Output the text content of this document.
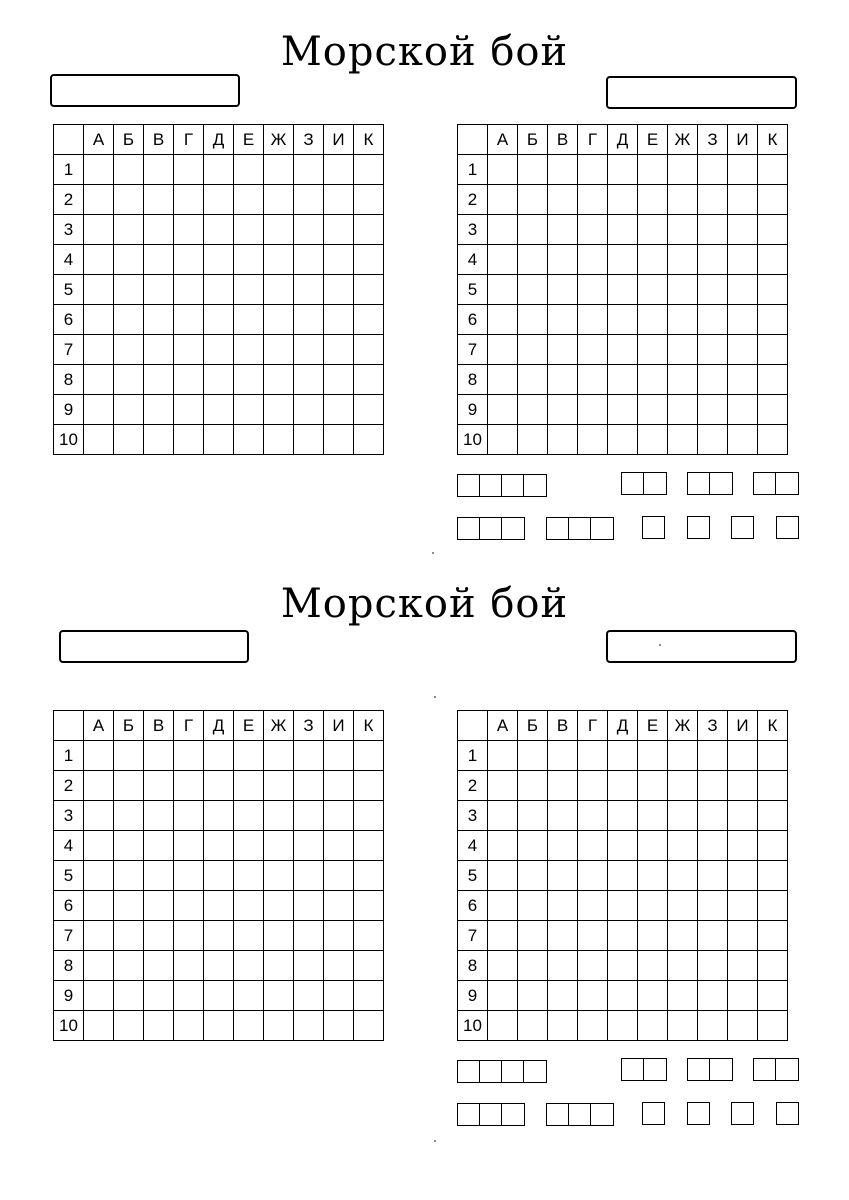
Морской бой
	А	Б	В	Г	Д	Е	Ж	З	И	К
1										
2										
3										
4										
5										
6										
7										
8										
9										
10										
	А	Б	В	Г	Д	Е	Ж	З	И	К
1										
2										
3										
4										
5										
6										
7										
8										
9										
10										
Морской бой
	А	Б	В	Г	Д	Е	Ж	З	И	К
1										
2										
3										
4										
5										
6										
7										
8										
9										
10										
	А	Б	В	Г	Д	Е	Ж	З	И	К
1										
2										
3										
4										
5										
6										
7										
8										
9										
10										
